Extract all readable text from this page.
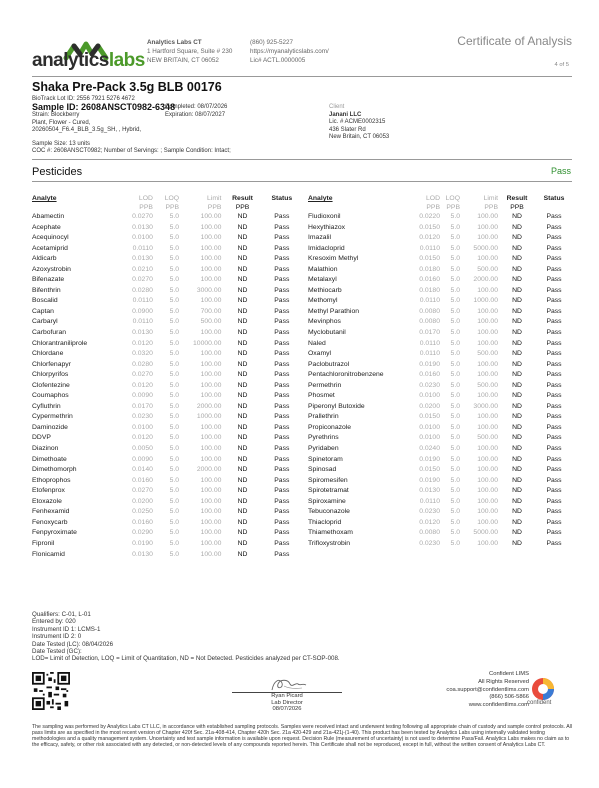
analyticslabs
Analytics Labs CT
1 Hartford Square, Suite # 230
NEW BRITAIN, CT 06052
(860) 925-5227
https://myanalyticslabs.com/
Lic# ACTL.0000005
Certificate of Analysis
4 of 5
Shaka Pre-Pack 3.5g BLB 00176
BioTrack Lot ID: 2556 7921 5276 4672
Sample ID: 2608ANSCT0982-6348
Strain: Blockberry
Plant, Flower - Cured,
20260504_F6.4_BLB_3.5g_SH, , Hybrid,
Completed: 08/07/2026
Expiration: 08/07/2027
Client
Janani LLC
Lic. # ACME0002315
436 Slater Rd
New Britain, CT 06053
Sample Size: 13 units
COC #: 2608ANSCT0982; Number of Servings: ; Sample Condition: Intact;
Pesticides	Pass
Analyte	LOD	LOQ	Limit	Result	Status
	PPB	PPB	PPB	PPB	
Abamectin	0.0270	5.0	100.00	ND	Pass
Acephate	0.0130	5.0	100.00	ND	Pass
Acequinocyl	0.0100	5.0	100.00	ND	Pass
Acetamiprid	0.0110	5.0	100.00	ND	Pass
Aldicarb	0.0130	5.0	100.00	ND	Pass
Azoxystrobin	0.0210	5.0	100.00	ND	Pass
Bifenazate	0.0270	5.0	100.00	ND	Pass
Bifenthrin	0.0280	5.0	3000.00	ND	Pass
Boscalid	0.0110	5.0	100.00	ND	Pass
Captan	0.0900	5.0	700.00	ND	Pass
Carbaryl	0.0110	5.0	500.00	ND	Pass
Carbofuran	0.0130	5.0	100.00	ND	Pass
Chlorantraniliprole	0.0120	5.0	10000.00	ND	Pass
Chlordane	0.0320	5.0	100.00	ND	Pass
Chlorfenapyr	0.0280	5.0	100.00	ND	Pass
Chlorpyrifos	0.0270	5.0	100.00	ND	Pass
Clofentezine	0.0120	5.0	100.00	ND	Pass
Coumaphos	0.0090	5.0	100.00	ND	Pass
Cyfluthrin	0.0170	5.0	2000.00	ND	Pass
Cypermethrin	0.0230	5.0	1000.00	ND	Pass
Daminozide	0.0100	5.0	100.00	ND	Pass
DDVP	0.0120	5.0	100.00	ND	Pass
Diazinon	0.0050	5.0	100.00	ND	Pass
Dimethoate	0.0090	5.0	100.00	ND	Pass
Dimethomorph	0.0140	5.0	2000.00	ND	Pass
Ethoprophos	0.0160	5.0	100.00	ND	Pass
Etofenprox	0.0270	5.0	100.00	ND	Pass
Etoxazole	0.0200	5.0	100.00	ND	Pass
Fenhexamid	0.0250	5.0	100.00	ND	Pass
Fenoxycarb	0.0160	5.0	100.00	ND	Pass
Fenpyroximate	0.0290	5.0	100.00	ND	Pass
Fipronil	0.0190	5.0	100.00	ND	Pass
Flonicamid	0.0130	5.0	100.00	ND	Pass
Analyte	LOD	LOQ	Limit	Result	Status
	PPB	PPB	PPB	PPB	
Fludioxonil	0.0220	5.0	100.00	ND	Pass
Hexythiazox	0.0150	5.0	100.00	ND	Pass
Imazalil	0.0120	5.0	100.00	ND	Pass
Imidacloprid	0.0110	5.0	5000.00	ND	Pass
Kresoxim Methyl	0.0150	5.0	100.00	ND	Pass
Malathion	0.0180	5.0	500.00	ND	Pass
Metalaxyl	0.0160	5.0	2000.00	ND	Pass
Methiocarb	0.0180	5.0	100.00	ND	Pass
Methomyl	0.0110	5.0	1000.00	ND	Pass
Methyl Parathion	0.0080	5.0	100.00	ND	Pass
Mevinphos	0.0080	5.0	100.00	ND	Pass
Myclobutanil	0.0170	5.0	100.00	ND	Pass
Naled	0.0110	5.0	100.00	ND	Pass
Oxamyl	0.0110	5.0	500.00	ND	Pass
Paclobutrazol	0.0190	5.0	100.00	ND	Pass
Pentachloronitrobenzene	0.0160	5.0	100.00	ND	Pass
Permethrin	0.0230	5.0	500.00	ND	Pass
Phosmet	0.0100	5.0	100.00	ND	Pass
Piperonyl Butoxide	0.0200	5.0	3000.00	ND	Pass
Prallethrin	0.0150	5.0	100.00	ND	Pass
Propiconazole	0.0100	5.0	100.00	ND	Pass
Pyrethrins	0.0100	5.0	500.00	ND	Pass
Pyridaben	0.0240	5.0	100.00	ND	Pass
Spinetoram	0.0190	5.0	100.00	ND	Pass
Spinosad	0.0150	5.0	100.00	ND	Pass
Spiromesifen	0.0190	5.0	100.00	ND	Pass
Spirotetramat	0.0130	5.0	100.00	ND	Pass
Spiroxamine	0.0110	5.0	100.00	ND	Pass
Tebuconazole	0.0230	5.0	100.00	ND	Pass
Thiacloprid	0.0120	5.0	100.00	ND	Pass
Thiamethoxam	0.0080	5.0	5000.00	ND	Pass
Trifloxystrobin	0.0230	5.0	100.00	ND	Pass
Qualifiers: C-01, L-01
Entered by: 020
Instrument ID 1: LCMS-1
Instrument ID 2: 0
Date Tested (LC): 08/04/2026
Date Tested (GC):
LOD= Limit of Detection, LOQ = Limit of Quantitation, ND = Not Detected. Pesticides analyzed per CT-SOP-008.
Ryan Picard
Lab Director
08/07/2026
Confident LIMS
All Rights Reserved
coa.support@confidentlims.com
(866) 506-5866
www.confidentlims.com
confident
The sampling was performed by Analytics Labs CT LLC, in accordance with established sampling protocols. Samples were received intact and underwent testing following all appropriate chain of custody and sample control protocols. All pass limits are as specified in the most recent version of Chapter 420f Sec. 21a-408-414, Chapter 420h Sec. 21a 420-429 and 21a-421j-(1-40). This product has been tested by Analytics Labs using internally validated testing methodologies and a quality management system. Uncertainty and test sample information is available upon request. Decision Rule (measurement of uncertainty) is not used to determine Pass/Fail. Analytics Labs makes no claim as to the efficacy, safety, or other risk associated with any detected, or non-detected levels of any compounds reported herein. This Certificate shall not be reproduced, except in full, without the written consent of Analytics Labs CT.
